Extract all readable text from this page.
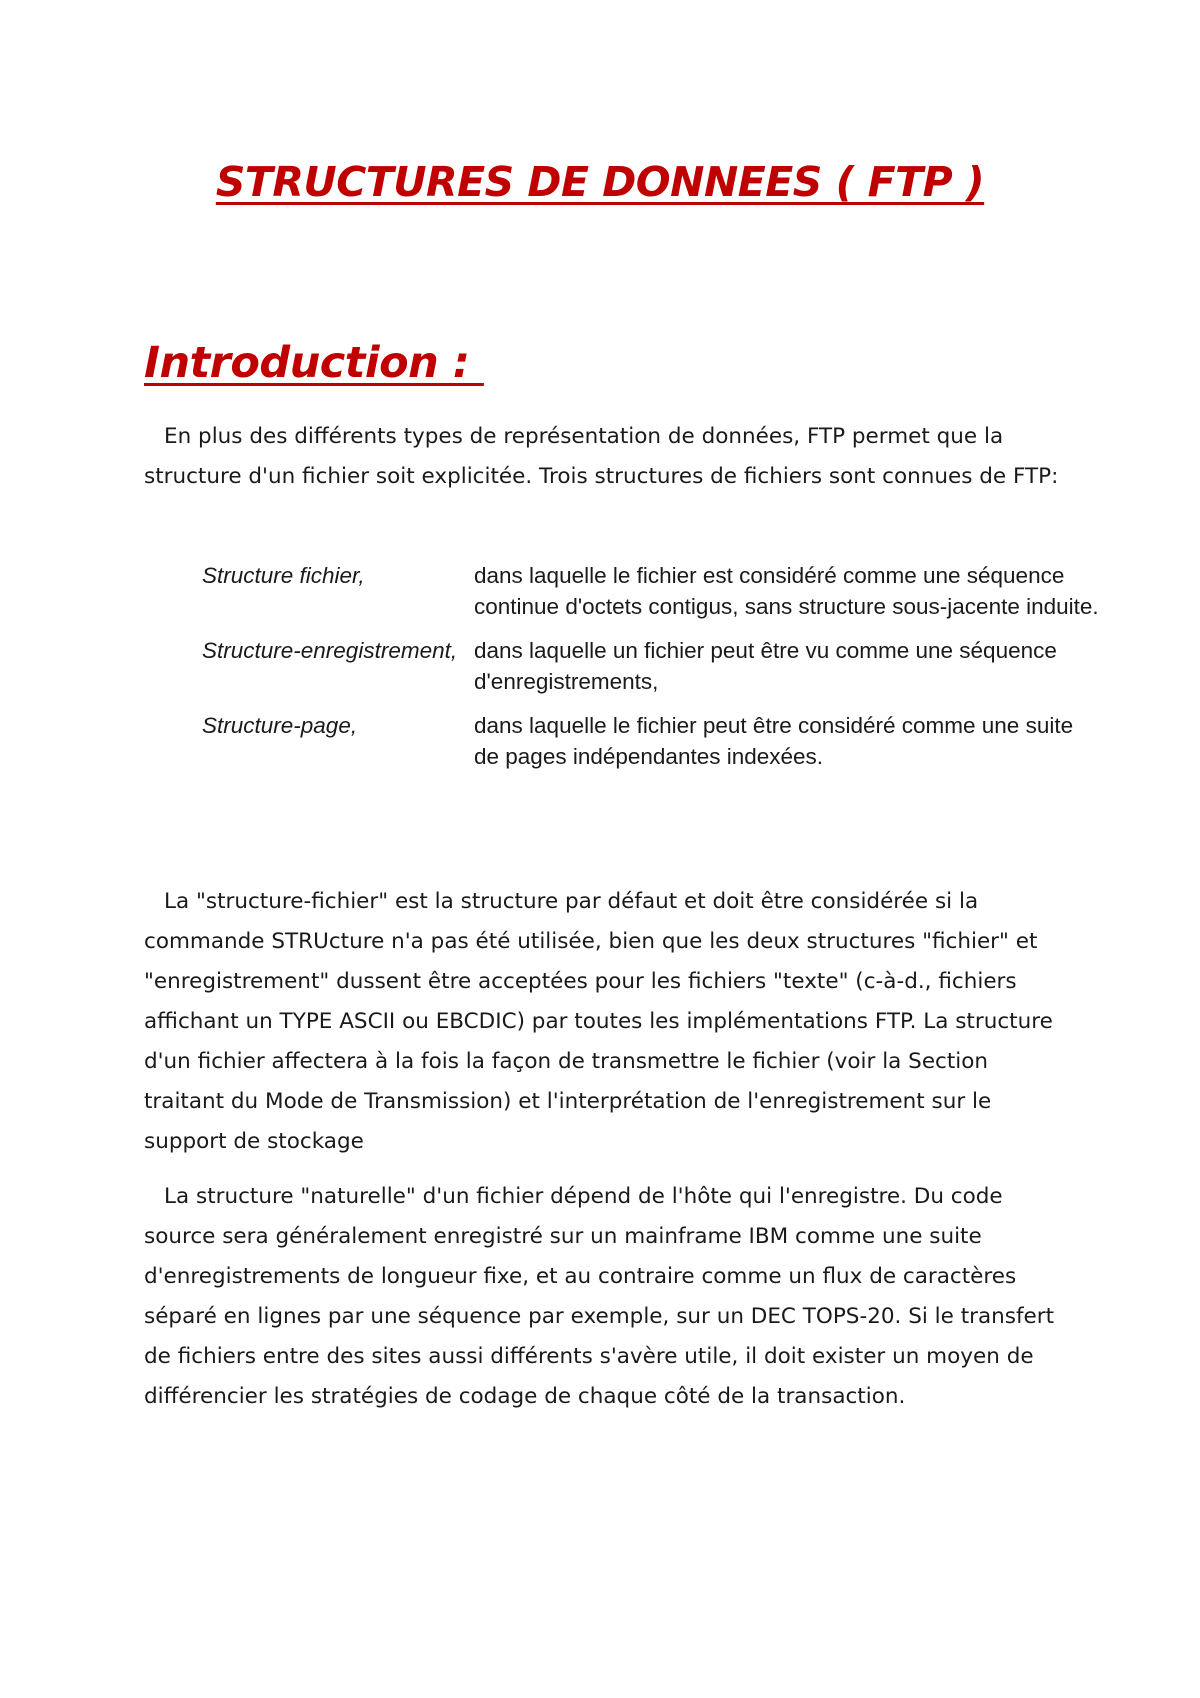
STRUCTURES DE DONNEES ( FTP )
Introduction :

En plus des différents types de représentation de données, FTP permet que la structure d'un fichier soit explicitée. Trois structures de fichiers sont connues de FTP:

Structure fichier,	dans laquelle le fichier est considéré comme une séquence continue d'octets contigus, sans structure sous-jacente induite.
Structure-enregistrement, dans laquelle un fichier peut être vu comme une séquence d'enregistrements,
Structure-page,	dans laquelle le fichier peut être considéré comme une suite de pages indépendantes indexées.

La "structure-fichier" est la structure par défaut et doit être considérée si la commande STRUcture n'a pas été utilisée, bien que les deux structures "fichier" et "enregistrement" dussent être acceptées pour les fichiers "texte" (c-à-d., fichiers affichant un TYPE ASCII ou EBCDIC) par toutes les implémentations FTP. La structure d'un fichier affectera à la fois la façon de transmettre le fichier (voir la Section traitant du Mode de Transmission) et l'interprétation de l'enregistrement sur le support de stockage

La structure "naturelle" d'un fichier dépend de l'hôte qui l'enregistre. Du code source sera généralement enregistré sur un mainframe IBM comme une suite d'enregistrements de longueur fixe, et au contraire comme un flux de caractères séparé en lignes par une séquence par exemple, sur un DEC TOPS-20. Si le transfert de fichiers entre des sites aussi différents s'avère utile, il doit exister un moyen de différencier les stratégies de codage de chaque côté de la transaction.
